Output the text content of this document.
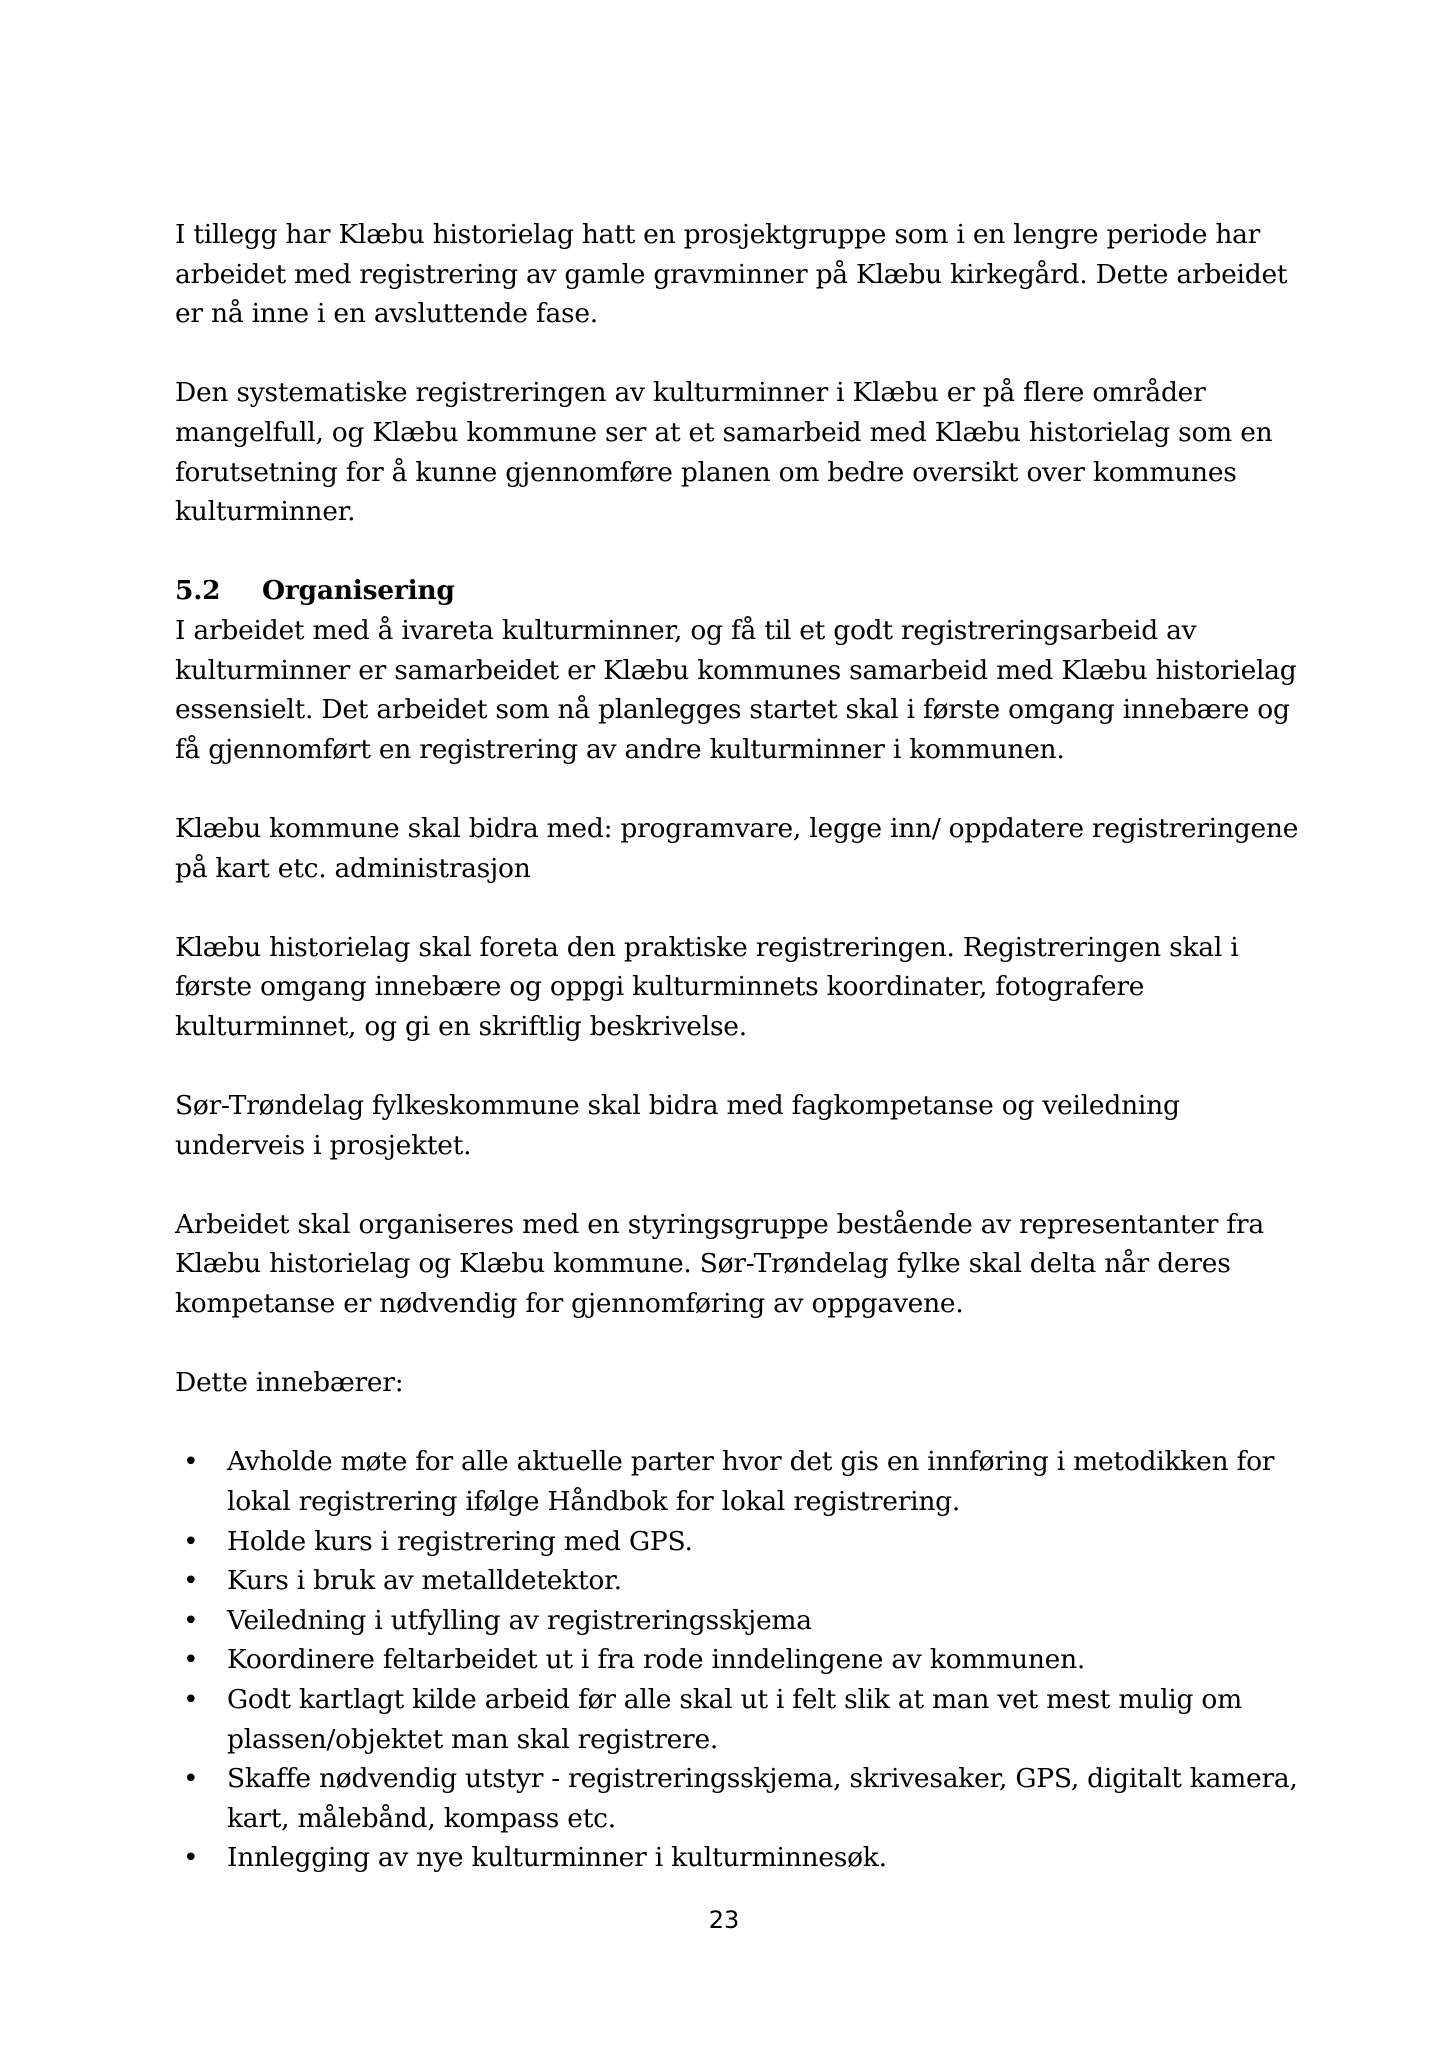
I tillegg har Klæbu historielag hatt en prosjektgruppe som i en lengre periode har arbeidet med registrering av gamle gravminner på Klæbu kirkegård. Dette arbeidet er nå inne i en avsluttende fase.

Den systematiske registreringen av kulturminner i Klæbu er på flere områder mangelfull, og Klæbu kommune ser at et samarbeid med Klæbu historielag som en forutsetning for å kunne gjennomføre planen om bedre oversikt over kommunes kulturminner.

5.2	Organisering

I arbeidet med å ivareta kulturminner, og få til et godt registreringsarbeid av kulturminner er samarbeidet er Klæbu kommunes samarbeid med Klæbu historielag essensielt. Det arbeidet som nå planlegges startet skal i første omgang innebære og få gjennomført en registrering av andre kulturminner i kommunen.

Klæbu kommune skal bidra med: programvare, legge inn/ oppdatere registreringene på kart etc. administrasjon

Klæbu historielag skal foreta den praktiske registreringen. Registreringen skal i første omgang innebære og oppgi kulturminnets koordinater, fotografere kulturminnet, og gi en skriftlig beskrivelse.

Sør-Trøndelag fylkeskommune skal bidra med fagkompetanse og veiledning underveis i prosjektet.

Arbeidet skal organiseres med en styringsgruppe bestående av representanter fra Klæbu historielag og Klæbu kommune. Sør-Trøndelag fylke skal delta når deres kompetanse er nødvendig for gjennomføring av oppgavene.

Dette innebærer:

• Avholde møte for alle aktuelle parter hvor det gis en innføring i metodikken for lokal registrering ifølge Håndbok for lokal registrering.
• Holde kurs i registrering med GPS.
• Kurs i bruk av metalldetektor.
• Veiledning i utfylling av registreringsskjema
• Koordinere feltarbeidet ut i fra rode inndelingene av kommunen.
• Godt kartlagt kilde arbeid før alle skal ut i felt slik at man vet mest mulig om plassen/objektet man skal registrere.
• Skaffe nødvendig utstyr - registreringsskjema, skrivesaker, GPS, digitalt kamera, kart, målebånd, kompass etc.
• Innlegging av nye kulturminner i kulturminnesøk.
23
